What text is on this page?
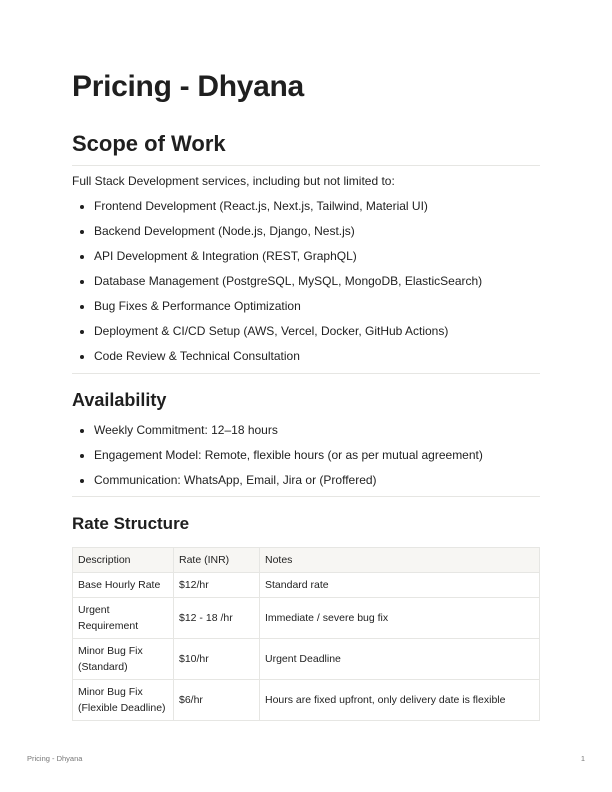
Pricing - Dhyana
Scope of Work
Full Stack Development services, including but not limited to:
Frontend Development (React.js, Next.js, Tailwind, Material UI)
Backend Development (Node.js, Django, Nest.js)
API Development & Integration (REST, GraphQL)
Database Management (PostgreSQL, MySQL, MongoDB, ElasticSearch)
Bug Fixes & Performance Optimization
Deployment & CI/CD Setup (AWS, Vercel, Docker, GitHub Actions)
Code Review & Technical Consultation
Availability
Weekly Commitment: 12–18 hours
Engagement Model: Remote, flexible hours (or as per mutual agreement)
Communication: WhatsApp, Email, Jira or (Proffered)
Rate Structure
Description	Rate (INR)	Notes
Base Hourly Rate	$12/hr	Standard rate
Urgent Requirement	$12 - 18 /hr	Immediate / severe bug fix
Minor Bug Fix (Standard)	$10/hr	Urgent Deadline
Minor Bug Fix (Flexible Deadline)	$6/hr	Hours are fixed upfront, only delivery date is flexible
Pricing - Dhyana	1
